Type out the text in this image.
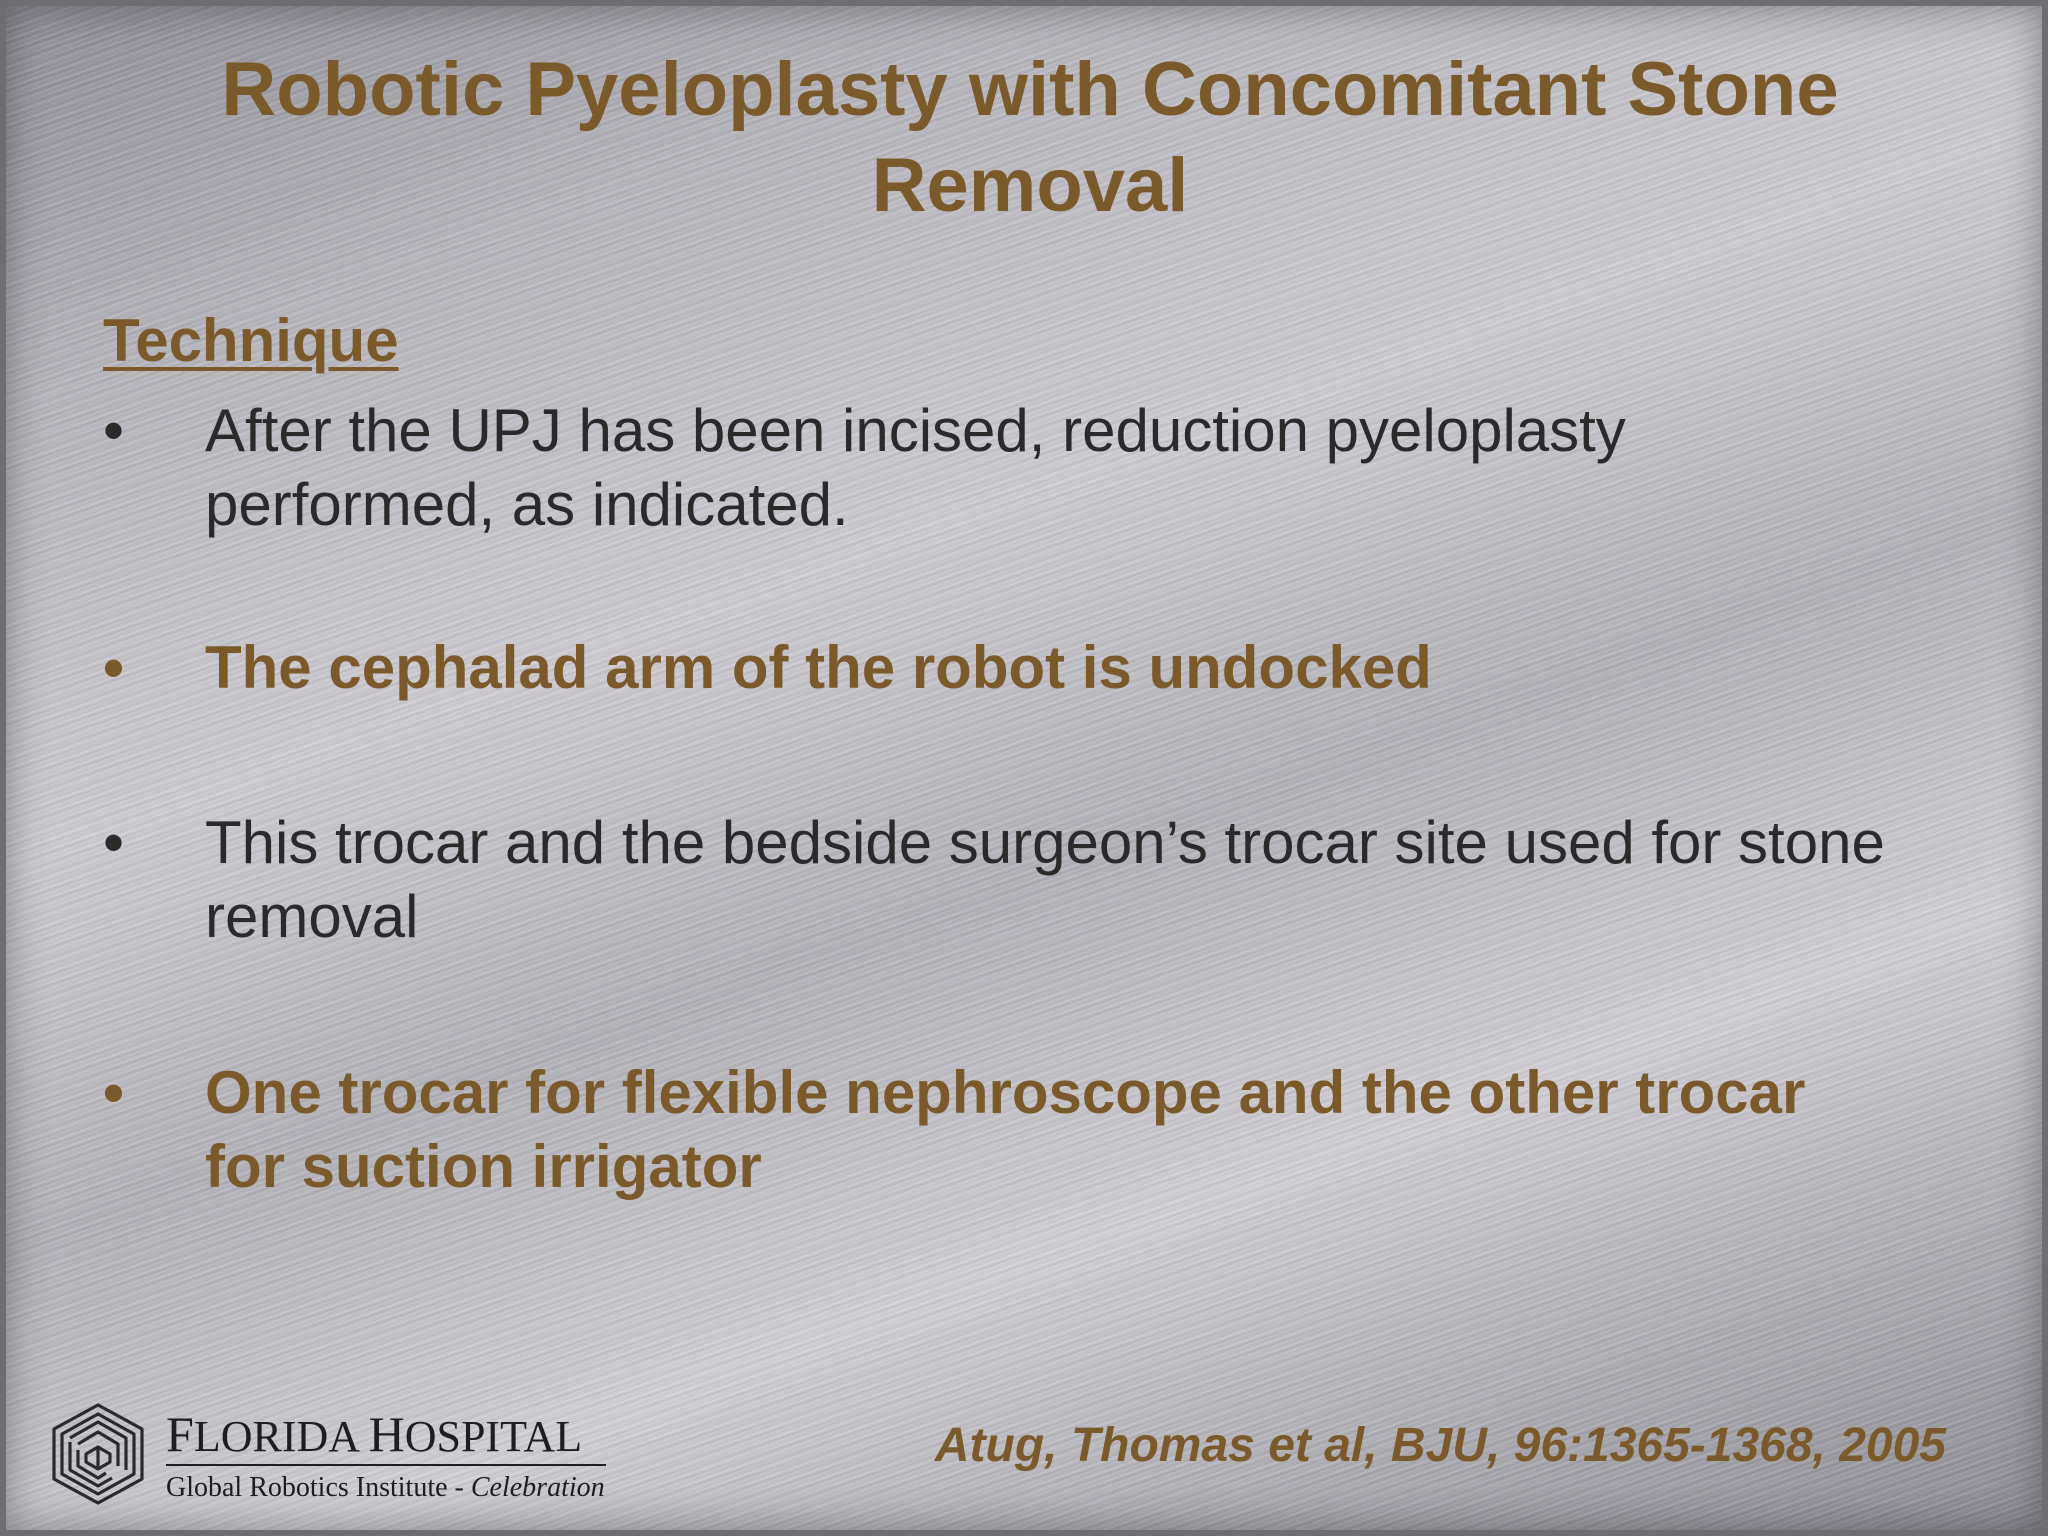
Robotic Pyeloplasty with Concomitant Stone Removal
Technique
•	After the UPJ has been incised, reduction pyeloplasty performed, as indicated.
•	The cephalad arm of the robot is undocked
•	This trocar and the bedside surgeon’s trocar site used for stone removal
•	One trocar for flexible nephroscope and the other trocar for suction irrigator
FLORIDA HOSPITAL
Global Robotics Institute - Celebration

Atug, Thomas et al, BJU, 96:1365-1368, 2005
